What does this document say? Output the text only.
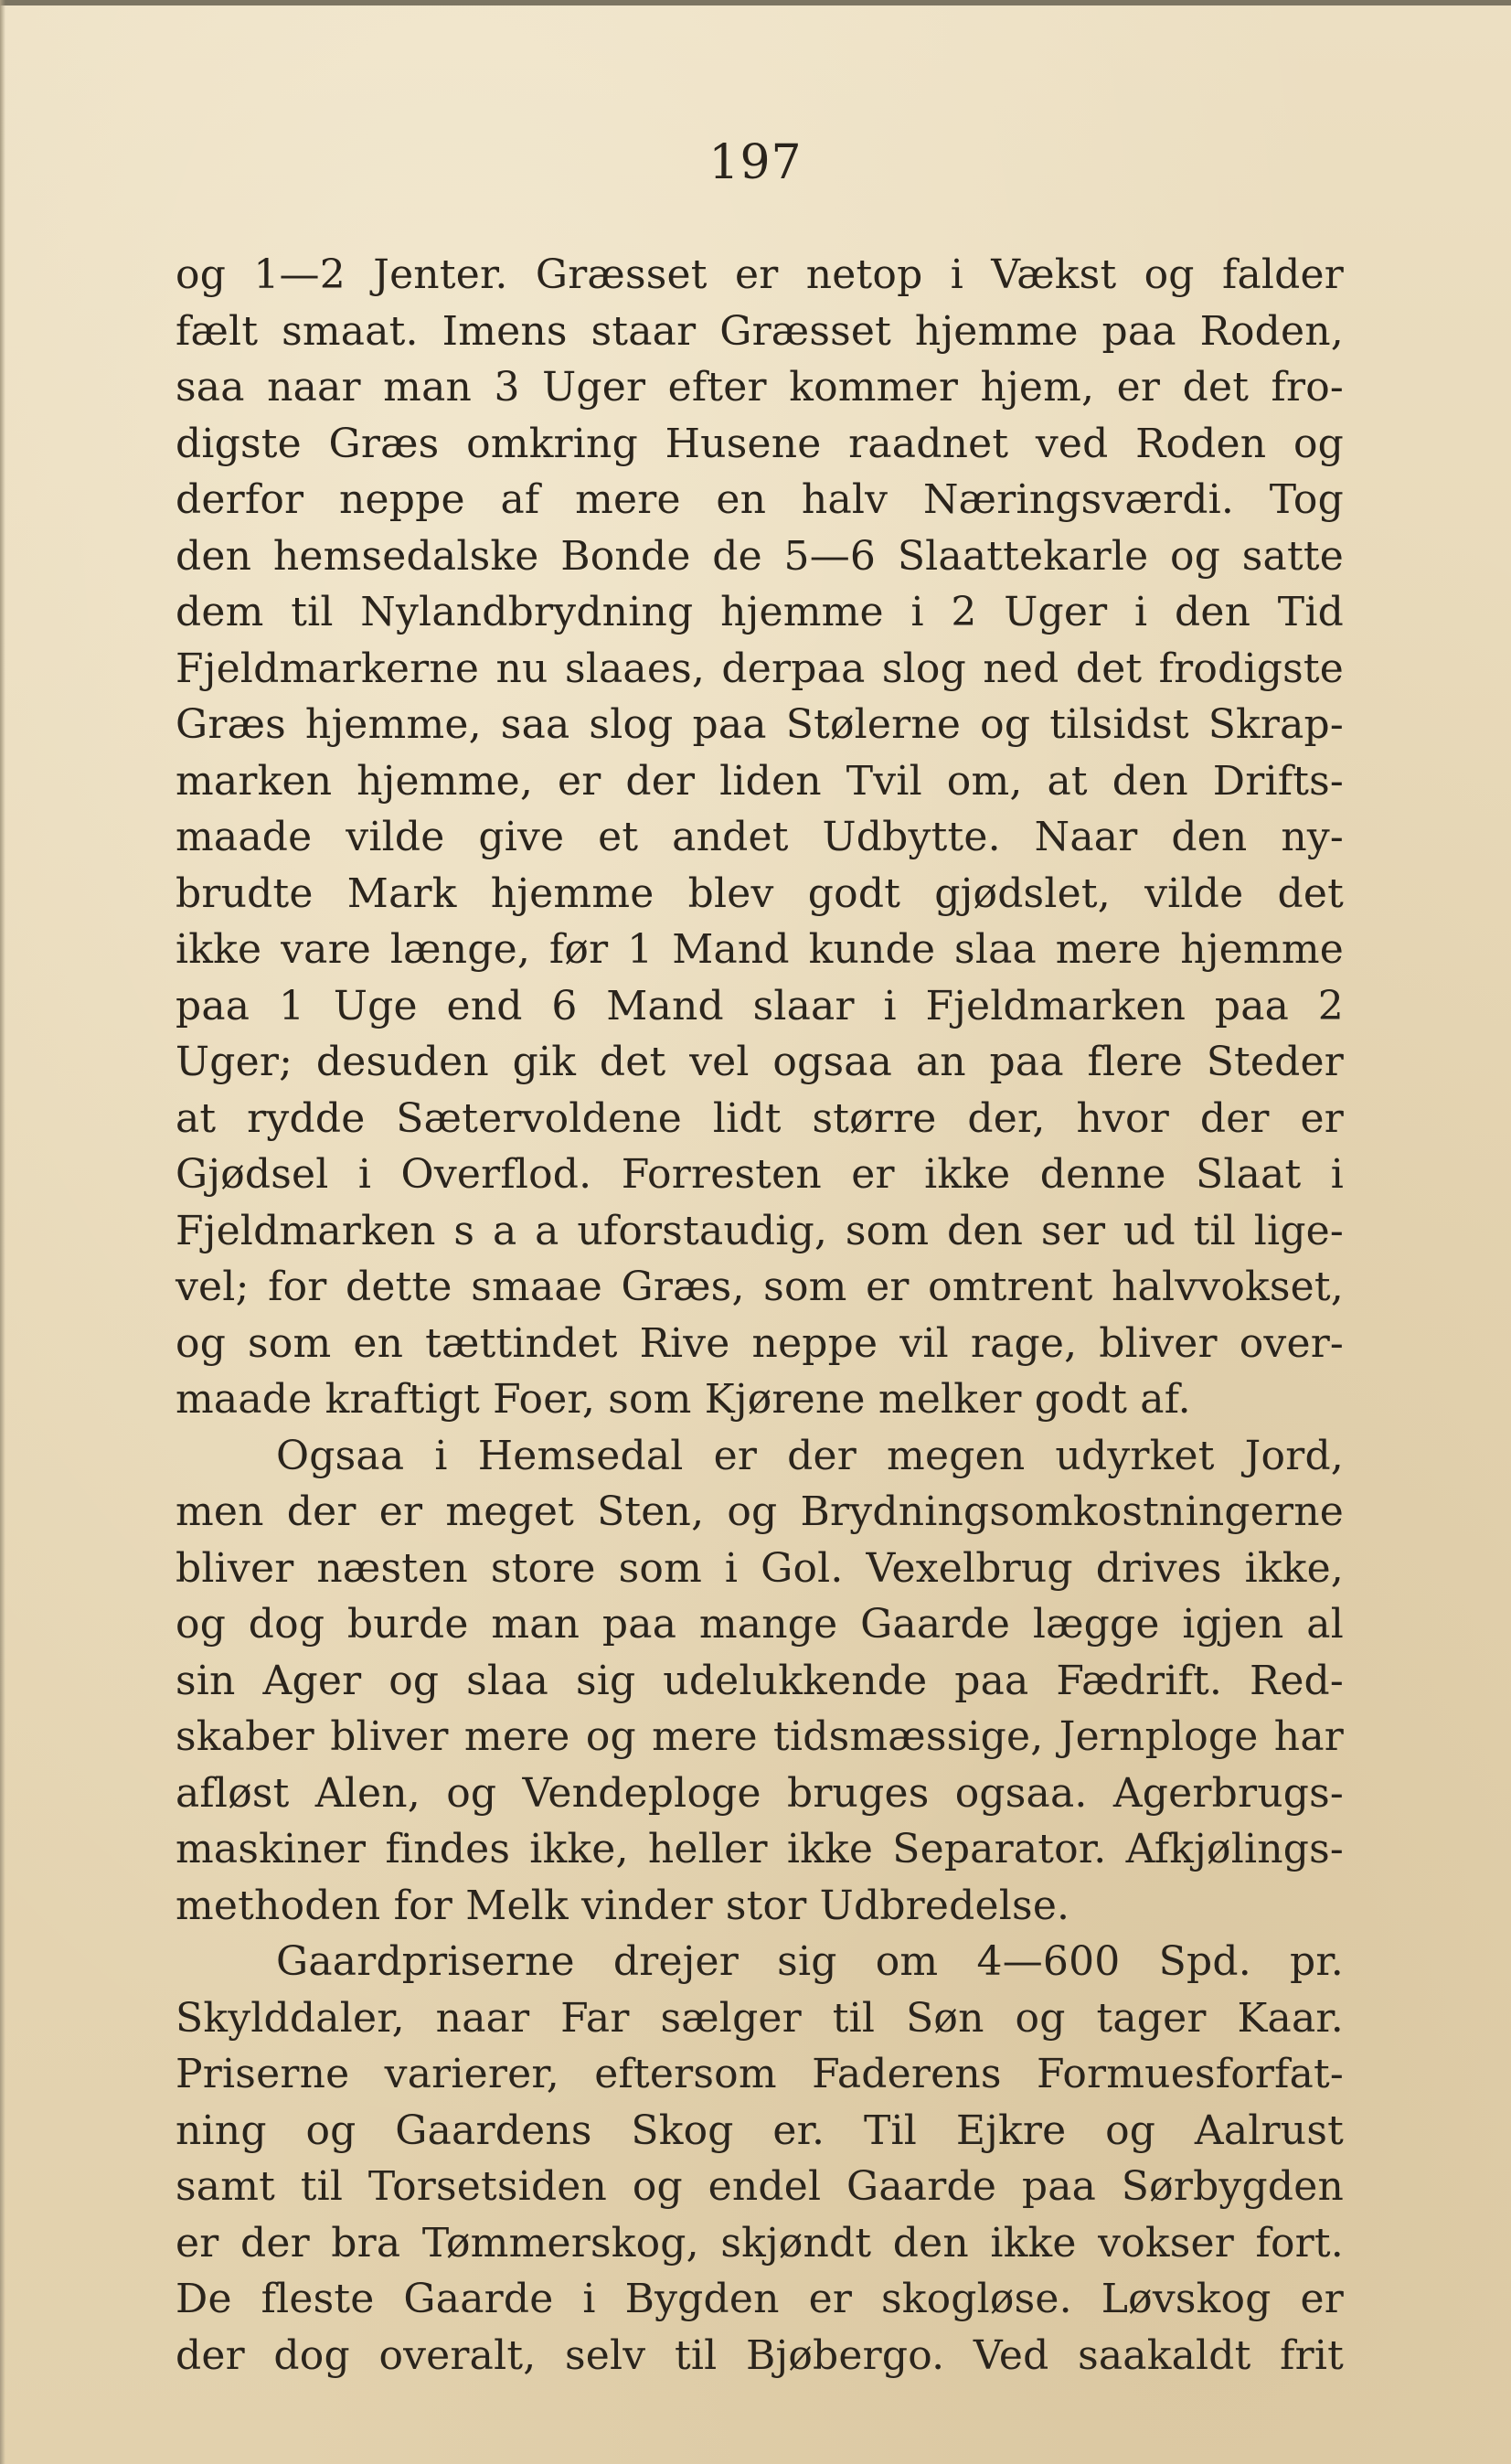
197
og 1—2 Jenter. Græsset er netop i Vækst og falder
fælt smaat. Imens staar Græsset hjemme paa Roden,
saa naar man 3 Uger efter kommer hjem, er det fro-
digste Græs omkring Husene raadnet ved Roden og
derfor neppe af mere en halv Næringsværdi. Tog
den hemsedalske Bonde de 5—6 Slaattekarle og satte
dem til Nylandbrydning hjemme i 2 Uger i den Tid
Fjeldmarkerne nu slaaes, derpaa slog ned det frodigste
Græs hjemme, saa slog paa Stølerne og tilsidst Skrap-
marken hjemme, er der liden Tvil om, at den Drifts-
maade vilde give et andet Udbytte. Naar den ny-
brudte Mark hjemme blev godt gjødslet, vilde det
ikke vare længe, før 1 Mand kunde slaa mere hjemme
paa 1 Uge end 6 Mand slaar i Fjeldmarken paa 2
Uger; desuden gik det vel ogsaa an paa flere Steder
at rydde Sætervoldene lidt større der, hvor der er
Gjødsel i Overflod. Forresten er ikke denne Slaat i
Fjeldmarken s a a uforstaudig, som den ser ud til lige-
vel; for dette smaae Græs, som er omtrent halvvokset,
og som en tættindet Rive neppe vil rage, bliver over-
maade kraftigt Foer, som Kjørene melker godt af.
Ogsaa i Hemsedal er der megen udyrket Jord,
men der er meget Sten, og Brydningsomkostningerne
bliver næsten store som i Gol. Vexelbrug drives ikke,
og dog burde man paa mange Gaarde lægge igjen al
sin Ager og slaa sig udelukkende paa Fædrift. Red-
skaber bliver mere og mere tidsmæssige, Jernploge har
afløst Alen, og Vendeploge bruges ogsaa. Agerbrugs-
maskiner findes ikke, heller ikke Separator. Afkjølings-
methoden for Melk vinder stor Udbredelse.
Gaardpriserne drejer sig om 4—600 Spd. pr.
Skylddaler, naar Far sælger til Søn og tager Kaar.
Priserne varierer, eftersom Faderens Formuesforfat-
ning og Gaardens Skog er. Til Ejkre og Aalrust
samt til Torsetsiden og endel Gaarde paa Sørbygden
er der bra Tømmerskog, skjøndt den ikke vokser fort.
De fleste Gaarde i Bygden er skogløse. Løvskog er
der dog overalt, selv til Bjøbergo. Ved saakaldt frit
